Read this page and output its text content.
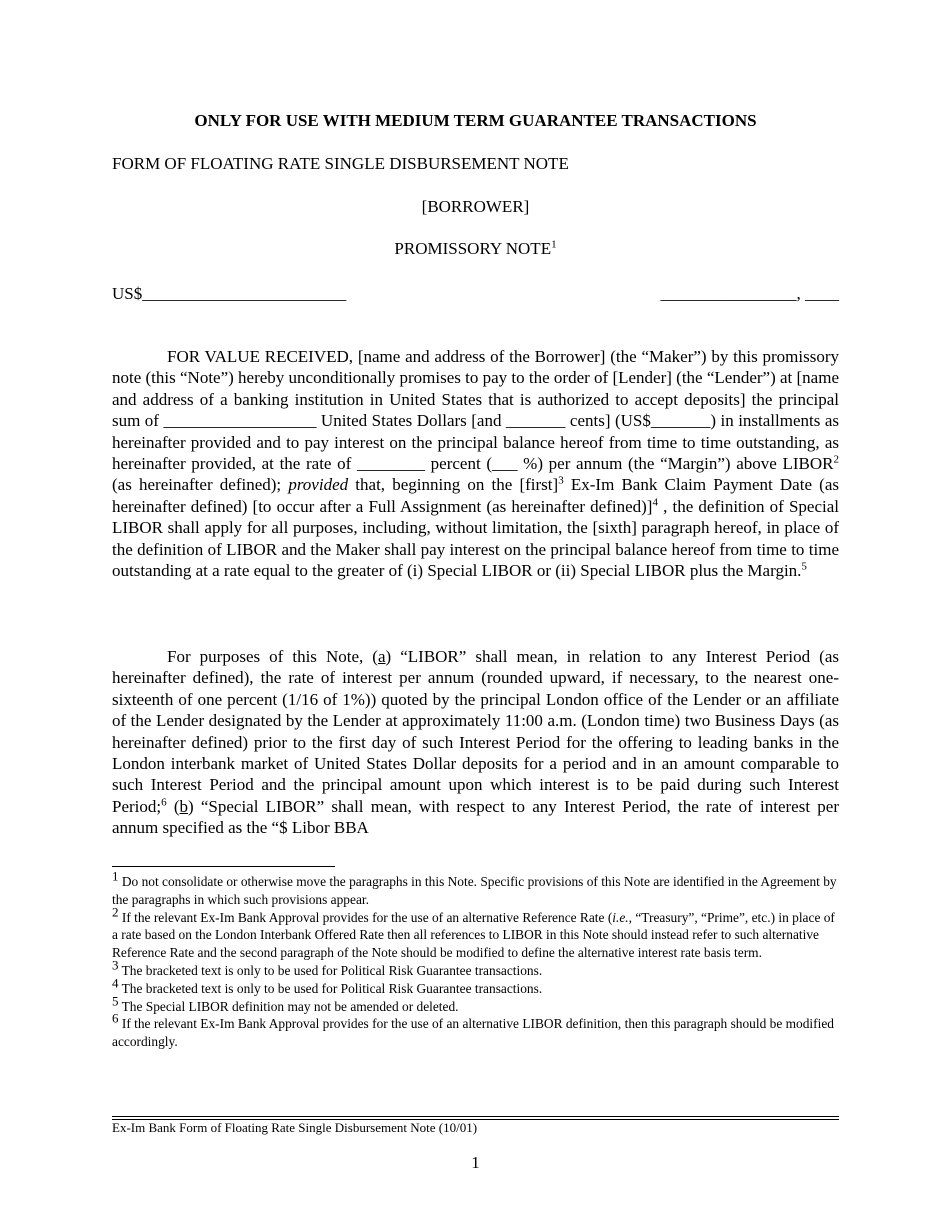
ONLY FOR USE WITH MEDIUM TERM GUARANTEE TRANSACTIONS
FORM OF FLOATING RATE SINGLE DISBURSEMENT NOTE
[BORROWER]
PROMISSORY NOTE$^1$
US$________________________	________________, ____

FOR VALUE RECEIVED, [name and address of the Borrower] (the “Maker”) by this promissory note (this “Note”) hereby unconditionally promises to pay to the order of [Lender] (the “Lender”) at [name and address of a banking institution in United States that is authorized to accept deposits] the principal sum of __________________ United States Dollars [and _______ cents] (US$_______) in installments as hereinafter provided and to pay interest on the principal balance hereof from time to time outstanding, as hereinafter provided, at the rate of ________ percent (___ %) per annum (the “Margin”) above LIBOR$^2$ (as hereinafter defined); provided that, beginning on the [first]$^3$ Ex-Im Bank Claim Payment Date (as hereinafter defined) [to occur after a Full Assignment (as hereinafter defined)]$^4$ , the definition of Special LIBOR shall apply for all purposes, including, without limitation, the [sixth] paragraph hereof, in place of the definition of LIBOR and the Maker shall pay interest on the principal balance hereof from time to time outstanding at a rate equal to the greater of (i) Special LIBOR or (ii) Special LIBOR plus the Margin.$^5$

For purposes of this Note, (a) “LIBOR” shall mean, in relation to any Interest Period (as hereinafter defined), the rate of interest per annum (rounded upward, if necessary, to the nearest one-sixteenth of one percent (1/16 of 1%)) quoted by the principal London office of the Lender or an affiliate of the Lender designated by the Lender at approximately 11:00 a.m. (London time) two Business Days (as hereinafter defined) prior to the first day of such Interest Period for the offering to leading banks in the London interbank market of United States Dollar deposits for a period and in an amount comparable to such Interest Period and the principal amount upon which interest is to be paid during such Interest Period;$^6$ (b) “Special LIBOR” shall mean, with respect to any Interest Period, the rate of interest per annum specified as the “$ Libor BBA

$^1$ Do not consolidate or otherwise move the paragraphs in this Note. Specific provisions of this Note are identified in the Agreement by the paragraphs in which such provisions appear.

$^2$ If the relevant Ex-Im Bank Approval provides for the use of an alternative Reference Rate (i.e., “Treasury”, “Prime”, etc.) in place of a rate based on the London Interbank Offered Rate then all references to LIBOR in this Note should instead refer to such alternative Reference Rate and the second paragraph of the Note should be modified to define the alternative interest rate basis term.

$^3$ The bracketed text is only to be used for Political Risk Guarantee transactions.

$^4$ The bracketed text is only to be used for Political Risk Guarantee transactions.

$^5$ The Special LIBOR definition may not be amended or deleted.

$^6$ If the relevant Ex-Im Bank Approval provides for the use of an alternative LIBOR definition, then this paragraph should be modified accordingly.

Ex-Im Bank Form of Floating Rate Single Disbursement Note (10/01)
1
